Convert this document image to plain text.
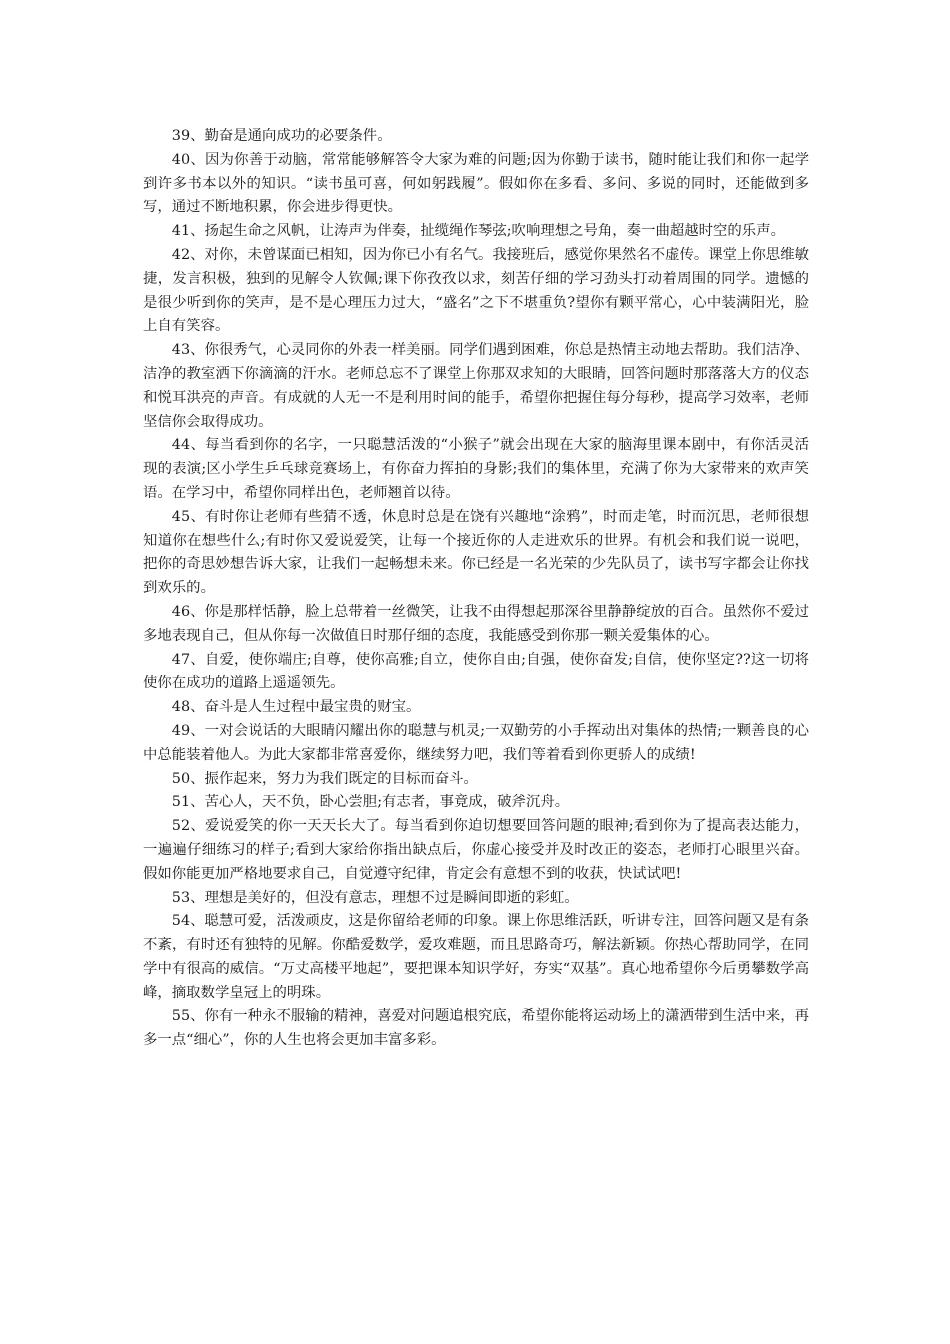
39、勤奋是通向成功的必要条件。

40、因为你善于动脑，常常能够解答令大家为难的问题;因为你勤于读书，随时能让我们和你一起学到许多书本以外的知识。“读书虽可喜，何如躬践履”。假如你在多看、多问、多说的同时，还能做到多写，通过不断地积累，你会进步得更快。

41、扬起生命之风帆，让涛声为伴奏，扯缆绳作琴弦;吹响理想之号角，奏一曲超越时空的乐声。

42、对你，未曾谋面已相知，因为你已小有名气。我接班后，感觉你果然名不虚传。课堂上你思维敏捷，发言积极，独到的见解令人钦佩;课下你孜孜以求，刻苦仔细的学习劲头打动着周围的同学。遗憾的是很少听到你的笑声，是不是心理压力过大，“盛名”之下不堪重负?望你有颗平常心，心中装满阳光，脸上自有笑容。

43、你很秀气，心灵同你的外表一样美丽。同学们遇到困难，你总是热情主动地去帮助。我们洁净、洁净的教室洒下你滴滴的汗水。老师总忘不了课堂上你那双求知的大眼睛，回答问题时那落落大方的仪态和悦耳洪亮的声音。有成就的人无一不是利用时间的能手，希望你把握住每分每秒，提高学习效率，老师坚信你会取得成功。

44、每当看到你的名字，一只聪慧活泼的“小猴子”就会出现在大家的脑海里课本剧中，有你活灵活现的表演;区小学生乒乓球竞赛场上，有你奋力挥拍的身影;我们的集体里，充满了你为大家带来的欢声笑语。在学习中，希望你同样出色，老师翘首以待。

45、有时你让老师有些猜不透，休息时总是在饶有兴趣地“涂鸦”，时而走笔，时而沉思，老师很想知道你在想些什么;有时你又爱说爱笑，让每一个接近你的人走进欢乐的世界。有机会和我们说一说吧，把你的奇思妙想告诉大家，让我们一起畅想未来。你已经是一名光荣的少先队员了，读书写字都会让你找到欢乐的。

46、你是那样恬静，脸上总带着一丝微笑，让我不由得想起那深谷里静静绽放的百合。虽然你不爱过多地表现自己，但从你每一次做值日时那仔细的态度，我能感受到你那一颗关爱集体的心。

47、自爱，使你端庄;自尊，使你高雅;自立，使你自由;自强，使你奋发;自信，使你坚定??这一切将使你在成功的道路上遥遥领先。

48、奋斗是人生过程中最宝贵的财宝。

49、一对会说话的大眼睛闪耀出你的聪慧与机灵;一双勤劳的小手挥动出对集体的热情;一颗善良的心中总能装着他人。为此大家都非常喜爱你，继续努力吧，我们等着看到你更骄人的成绩!

50、振作起来，努力为我们既定的目标而奋斗。

51、苦心人，天不负，卧心尝胆;有志者，事竟成，破斧沉舟。

52、爱说爱笑的你一天天长大了。每当看到你迫切想要回答问题的眼神;看到你为了提高表达能力，一遍遍仔细练习的样子;看到大家给你指出缺点后，你虚心接受并及时改正的姿态，老师打心眼里兴奋。假如你能更加严格地要求自己，自觉遵守纪律，肯定会有意想不到的收获，快试试吧!

53、理想是美好的，但没有意志，理想不过是瞬间即逝的彩虹。

54、聪慧可爱，活泼顽皮，这是你留给老师的印象。课上你思维活跃，听讲专注，回答问题又是有条不紊，有时还有独特的见解。你酷爱数学，爱攻难题，而且思路奇巧，解法新颖。你热心帮助同学，在同学中有很高的威信。“万丈高楼平地起”，要把课本知识学好，夯实“双基”。真心地希望你今后勇攀数学高峰，摘取数学皇冠上的明珠。

55、你有一种永不服输的精神，喜爱对问题追根究底，希望你能将运动场上的潇洒带到生活中来，再多一点“细心”，你的人生也将会更加丰富多彩。
